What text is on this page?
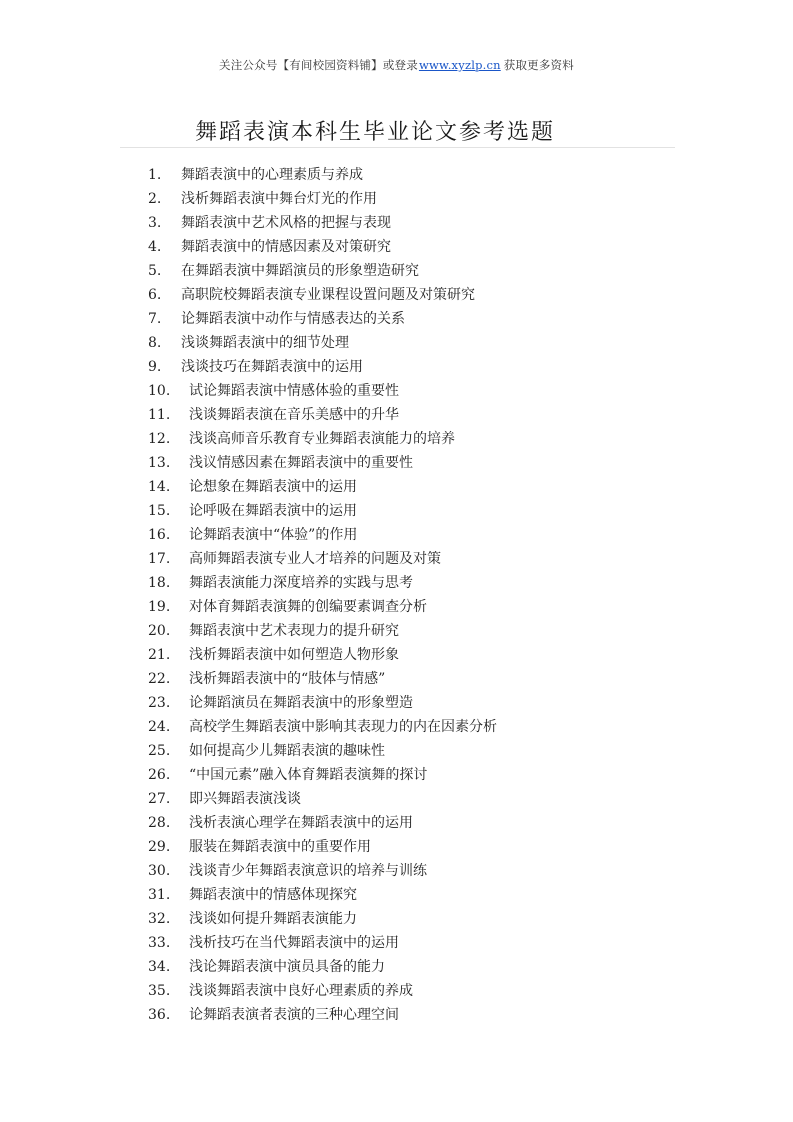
关注公众号【有间校园资料铺】或登录www.xyzlp.cn 获取更多资料
舞蹈表演本科生毕业论文参考选题
1.	舞蹈表演中的心理素质与养成
2.	浅析舞蹈表演中舞台灯光的作用
3.	舞蹈表演中艺术风格的把握与表现
4.	舞蹈表演中的情感因素及对策研究
5.	在舞蹈表演中舞蹈演员的形象塑造研究
6.	高职院校舞蹈表演专业课程设置问题及对策研究
7.	论舞蹈表演中动作与情感表达的关系
8.	浅谈舞蹈表演中的细节处理
9.	浅谈技巧在舞蹈表演中的运用
10.	试论舞蹈表演中情感体验的重要性
11.	浅谈舞蹈表演在音乐美感中的升华
12.	浅谈高师音乐教育专业舞蹈表演能力的培养
13.	浅议情感因素在舞蹈表演中的重要性
14.	论想象在舞蹈表演中的运用
15.	论呼吸在舞蹈表演中的运用
16.	论舞蹈表演中“体验”的作用
17.	高师舞蹈表演专业人才培养的问题及对策
18.	舞蹈表演能力深度培养的实践与思考
19.	对体育舞蹈表演舞的创编要素调查分析
20.	舞蹈表演中艺术表现力的提升研究
21.	浅析舞蹈表演中如何塑造人物形象
22.	浅析舞蹈表演中的“肢体与情感”
23.	论舞蹈演员在舞蹈表演中的形象塑造
24.	高校学生舞蹈表演中影响其表现力的内在因素分析
25.	如何提高少儿舞蹈表演的趣味性
26.	“中国元素”融入体育舞蹈表演舞的探讨
27.	即兴舞蹈表演浅谈
28.	浅析表演心理学在舞蹈表演中的运用
29.	服装在舞蹈表演中的重要作用
30.	浅谈青少年舞蹈表演意识的培养与训练
31.	舞蹈表演中的情感体现探究
32.	浅谈如何提升舞蹈表演能力
33.	浅析技巧在当代舞蹈表演中的运用
34.	浅论舞蹈表演中演员具备的能力
35.	浅谈舞蹈表演中良好心理素质的养成
36.	论舞蹈表演者表演的三种心理空间
